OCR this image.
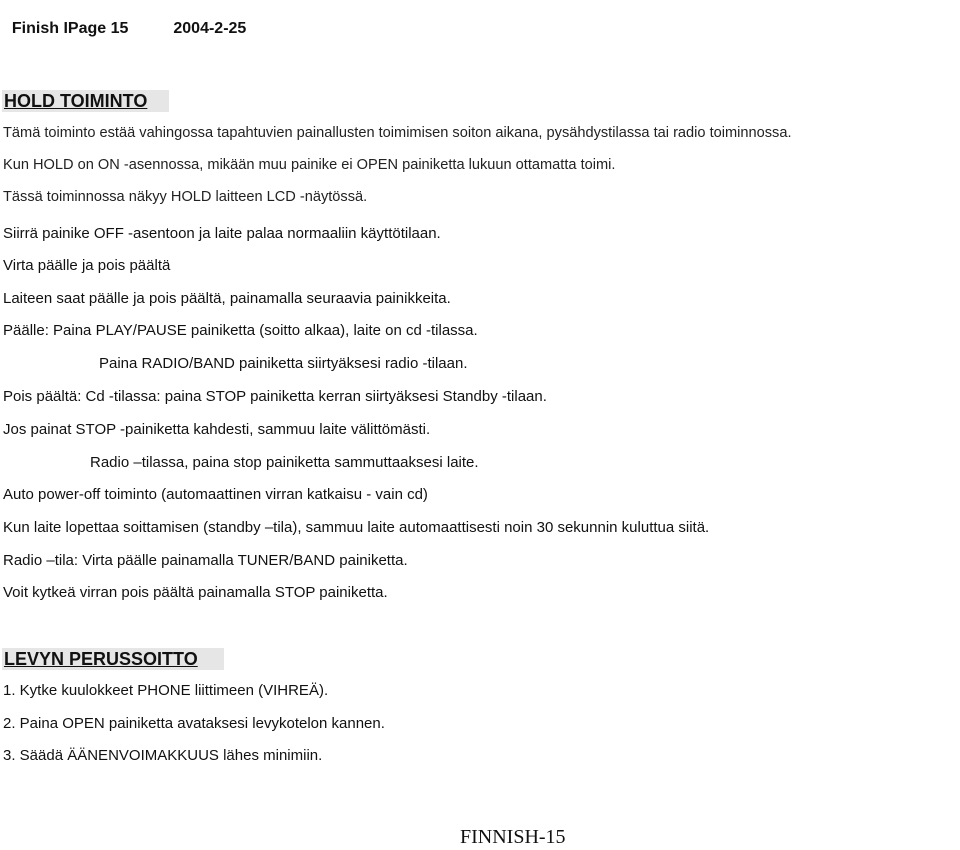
Finish IPage 15	2004-2-25

HOLD TOIMINTO
Tämä toiminto estää vahingossa tapahtuvien painallusten toimimisen soiton aikana, pysähdystilassa tai radio toiminnossa.
Kun HOLD on ON -asennossa, mikään muu painike ei OPEN painiketta lukuun ottamatta toimi.
Tässä toiminnossa näkyy HOLD laitteen LCD -näytössä.
Siirrä painike OFF -asentoon ja laite palaa normaaliin käyttötilaan.
Virta päälle ja pois päältä
Laiteen saat päälle ja pois päältä, painamalla seuraavia painikkeita.
Päälle: Paina PLAY/PAUSE painiketta (soitto alkaa), laite on cd -tilassa.
Paina RADIO/BAND painiketta siirtyäksesi radio -tilaan.
Pois päältä: Cd -tilassa: paina STOP painiketta kerran siirtyäksesi Standby -tilaan.
Jos painat STOP -painiketta kahdesti, sammuu laite välittömästi.
Radio –tilassa, paina stop painiketta sammuttaaksesi laite.
Auto power-off toiminto (automaattinen virran katkaisu - vain cd)
Kun laite lopettaa soittamisen (standby –tila), sammuu laite automaattisesti noin 30 sekunnin kuluttua siitä.
Radio –tila: Virta päälle painamalla TUNER/BAND painiketta.
Voit kytkeä virran pois päältä painamalla STOP painiketta.
LEVYN PERUSSOITTO
1. Kytke kuulokkeet PHONE liittimeen (VIHREÄ).
2. Paina OPEN painiketta avataksesi levykotelon kannen.
3. Säädä ÄÄNENVOIMAKKUUS lähes minimiin.
FINNISH-15
